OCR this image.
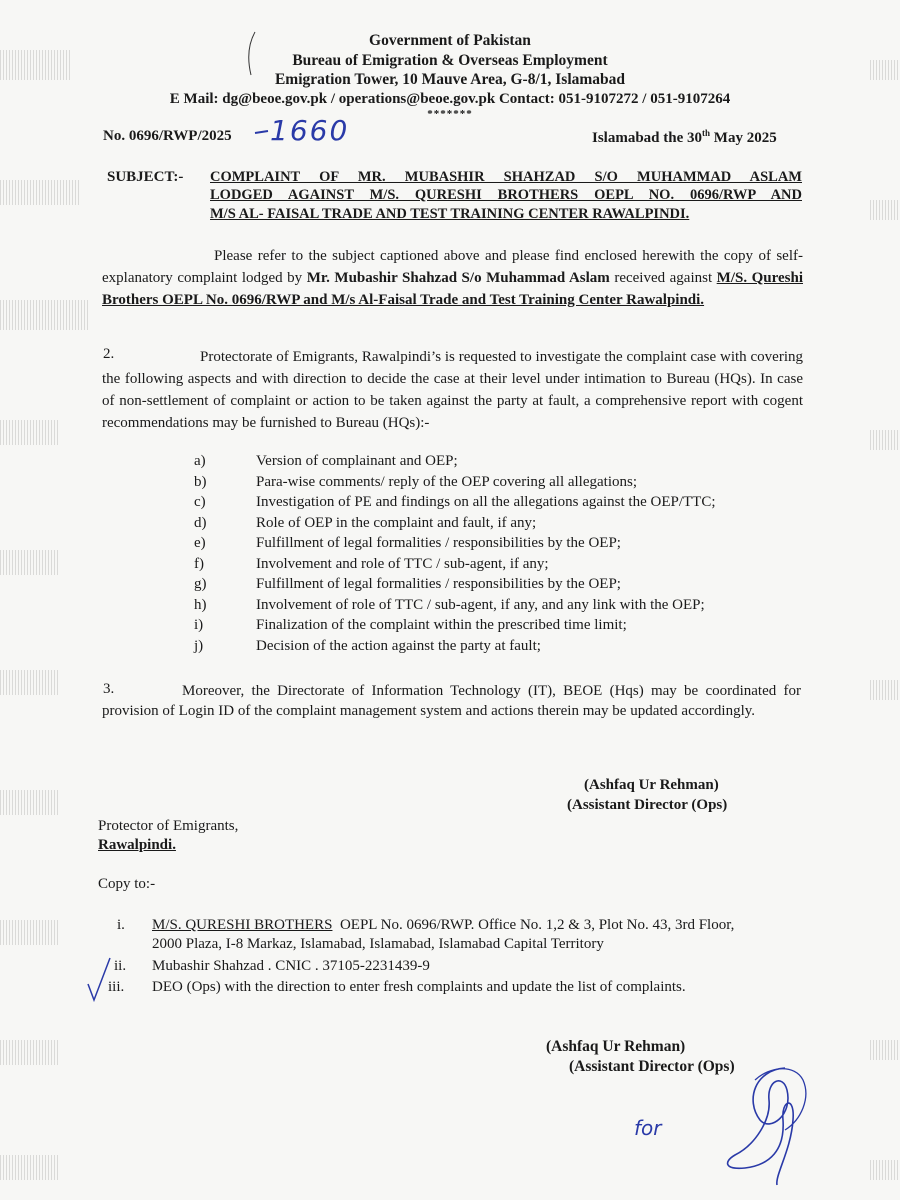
Government of Pakistan
Bureau of Emigration & Overseas Employment
Emigration Tower, 10 Mauve Area, G-8/1, Islamabad
E Mail: dg@beoe.gov.pk / operations@beoe.gov.pk Contact: 051-9107272 / 051-9107264
*******
No. 0696/RWP/2025 1660	Islamabad the 30th May 2025
SUBJECT:- COMPLAINT OF MR. MUBASHIR SHAHZAD S/O MUHAMMAD ASLAM
LODGED AGAINST M/S. QURESHI BROTHERS OEPL NO. 0696/RWP AND
M/S AL- FAISAL TRADE AND TEST TRAINING CENTER RAWALPINDI.
Please refer to the subject captioned above and please find enclosed herewith the copy of self-explanatory complaint lodged by Mr. Mubashir Shahzad S/o Muhammad Aslam received against M/S. Qureshi Brothers OEPL No. 0696/RWP and M/s Al-Faisal Trade and Test Training Center Rawalpindi.
2.	Protectorate of Emigrants, Rawalpindi’s is requested to investigate the complaint case with covering the following aspects and with direction to decide the case at their level under intimation to Bureau (HQs). In case of non-settlement of complaint or action to be taken against the party at fault, a comprehensive report with cogent recommendations may be furnished to Bureau (HQs):-
a)	Version of complainant and OEP;
b)	Para-wise comments/ reply of the OEP covering all allegations;
c)	Investigation of PE and findings on all the allegations against the OEP/TTC;
d)	Role of OEP in the complaint and fault, if any;
e)	Fulfillment of legal formalities / responsibilities by the OEP;
f)	Involvement and role of TTC / sub-agent, if any;
g)	Fulfillment of legal formalities / responsibilities by the OEP;
h)	Involvement of role of TTC / sub-agent, if any, and any link with the OEP;
i)	Finalization of the complaint within the prescribed time limit;
j)	Decision of the action against the party at fault;
3.	Moreover, the Directorate of Information Technology (IT), BEOE (Hqs) may be coordinated for provision of Login ID of the complaint management system and actions therein may be updated accordingly.
(Ashfaq Ur Rehman)
(Assistant Director (Ops)
Protector of Emigrants,
Rawalpindi.
Copy to:-
i. M/S. QURESHI BROTHERS  OEPL No. 0696/RWP. Office No. 1,2 & 3, Plot No. 43, 3rd Floor,
2000 Plaza, I-8 Markaz, Islamabad, Islamabad, Islamabad Capital Territory
ii. Mubashir Shahzad . CNIC . 37105-2231439-9
iii. DEO (Ops) with the direction to enter fresh complaints and update the list of complaints.
(Ashfaq Ur Rehman)
(Assistant Director (Ops)
for
